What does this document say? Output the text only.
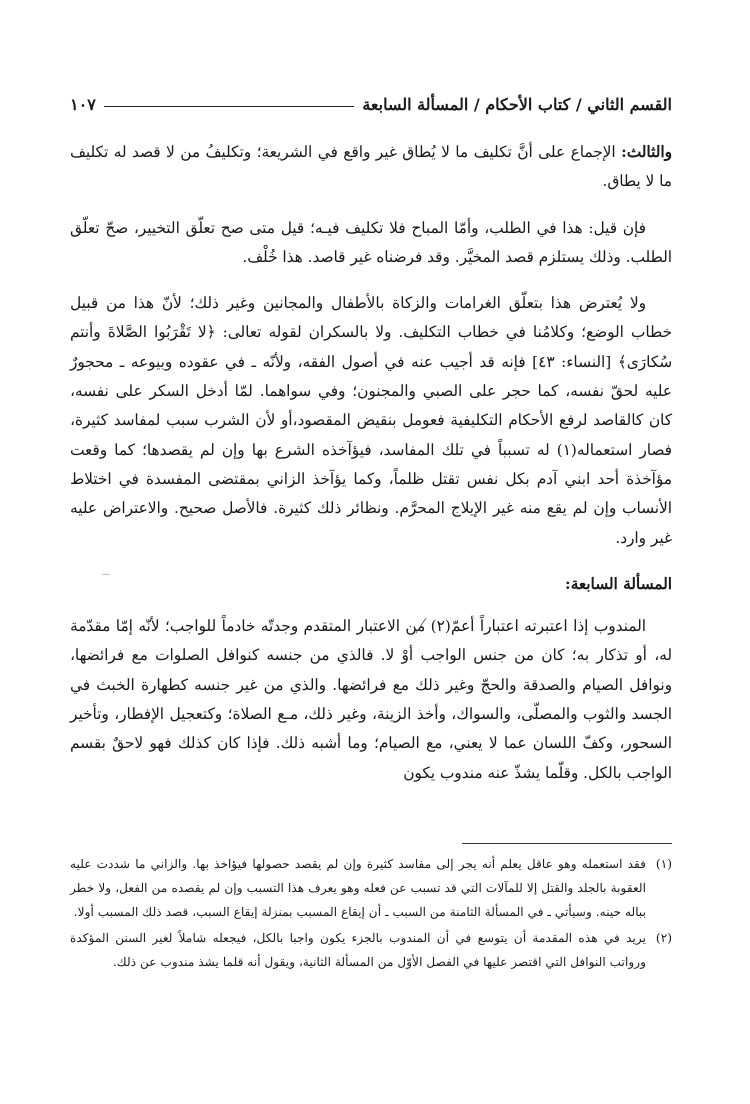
القسم الثاني / كتاب الأحكام / المسألة السابعة
١٠٧

والثالث: الإجماع على أنَّ تكليف ما لا يُطاق غير واقع في الشريعة؛ وتكليفُ من لا قصد له تكليف ما لا يطاق.

فإن قيل: هذا في الطلب، وأمّا المباح فلا تكليف فيـه؛ قيل متى صح تعلّق التخيير، صحّ تعلّق الطلب. وذلك يستلزم قصد المخيَّر. وقد فرضناه غير قاصد. هذا خُلْف.

ولا يُعترض هذا بتعلّق الغرامات والزكاة بالأطفال والمجانين وغير ذلك؛ لأنّ هذا من قبيل خطاب الوضع؛ وكلامُنا في خطاب التكليف. ولا بالسكران لقوله تعالى: ﴿لا تَقْرَبُوا الصَّلاةَ وأنتم سُكارَى﴾ [النساء: ٤٣] فإنه قد أجيب عنه في أصول الفقه، ولأنّه ـ في عقوده وبيوعه ـ محجورٌ عليه لحقّ نفسه، كما حجر على الصبي والمجنون؛ وفي سواهما. لمّا أدخل السكر على نفسه، كان كالقاصد لرفع الأحكام التكليفية فعومل بنقيض المقصود،أو لأن الشرب سبب لمفاسد كثيرة، فصار استعماله(١) له تسبباً في تلك المفاسد، فيؤآخذه الشرع بها وإن لم يقصدها؛ كما وقعت مؤآخذة أحد ابني آدم بكل نفس تقتل ظلماً، وكما يؤآخذ الزاني بمقتضى المفسدة في اختلاط الأنساب وإن لم يقع منه غير الإيلاج المحرَّم. ونظائر ذلك كثيرة. فالأصل صحيح. والاعتراض عليه غير وارد.

المسألة السابعة:

المندوب إذا اعتبرته اعتباراً أعمّ(٢) من الاعتبار المتقدم وجدتّه خادماً للواجب؛ لأنّه إمّا مقدّمة له، أو تذكار به؛ كان من جنس الواجب أوْ لا. فالذي من جنسه كنوافل الصلوات مع فرائضها، ونوافل الصيام والصدقة والحجّ وغير ذلك مع فرائضها. والذي من غير جنسه كطهارة الخبث في الجسد والثوب والمصلّى، والسواك، وأخذ الزينة، وغير ذلك، مـع الصلاة؛ وكتعجيل الإفطار، وتأخير السحور، وكفّ اللسان عما لا يعني، مع الصيام؛ وما أشبه ذلك. فإذا كان كذلك فهو لاحقٌ بقسم الواجب بالكل. وقلّما يشذّ عنه مندوب يكون

(١)
فقد استعمله وهو عاقل يعلم أنه يجر إلى مفاسد كثيرة وإن لم يقصد حصولها فيؤاخذ بها. والزاني ما شددت عليه العقوبة بالجلد والقتل إلا للمآلات التي قد تسبب عن فعله وهو يعرف هذا التسبب وإن لم يقصده من الفعل، ولا خطر بباله حينه. وسيأتي ـ في المسألة الثامنة من السبب ـ أن إيقاع المسبب بمنزلة إيقاع السبب، قصد ذلك المسبب أولا.
(٢)
يريد في هذه المقدمة أن يتوسع في أن المندوب بالجزء يكون واجبا بالكل، فيجعله شاملاً لغير السنن المؤكدة ورواتب النوافل التي اقتصر عليها في الفصل الأوّل من المسألة الثانية، ويقول أنه قلما يشذ مندوب عن ذلك.
